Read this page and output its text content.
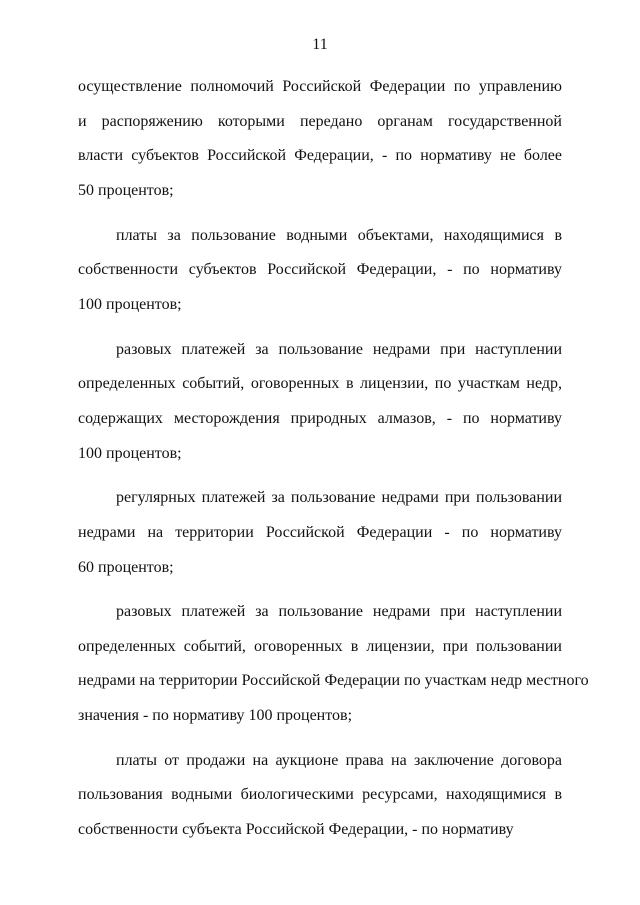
11
осуществление полномочий Российской Федерации по управлению
и распоряжению которыми передано органам государственной
власти субъектов Российской Федерации, - по нормативу не более
50 процентов;
платы за пользование водными объектами, находящимися в
собственности субъектов Российской Федерации, - по нормативу
100 процентов;
разовых платежей за пользование недрами при наступлении
определенных событий, оговоренных в лицензии, по участкам недр,
содержащих месторождения природных алмазов, - по нормативу
100 процентов;
регулярных платежей за пользование недрами при пользовании
недрами на территории Российской Федерации - по нормативу
60 процентов;
разовых платежей за пользование недрами при наступлении
определенных событий, оговоренных в лицензии, при пользовании
недрами на территории Российской Федерации по участкам недр местного
значения - по нормативу 100 процентов;
платы от продажи на аукционе права на заключение договора
пользования водными биологическими ресурсами, находящимися в
собственности субъекта Российской Федерации, - по нормативу
